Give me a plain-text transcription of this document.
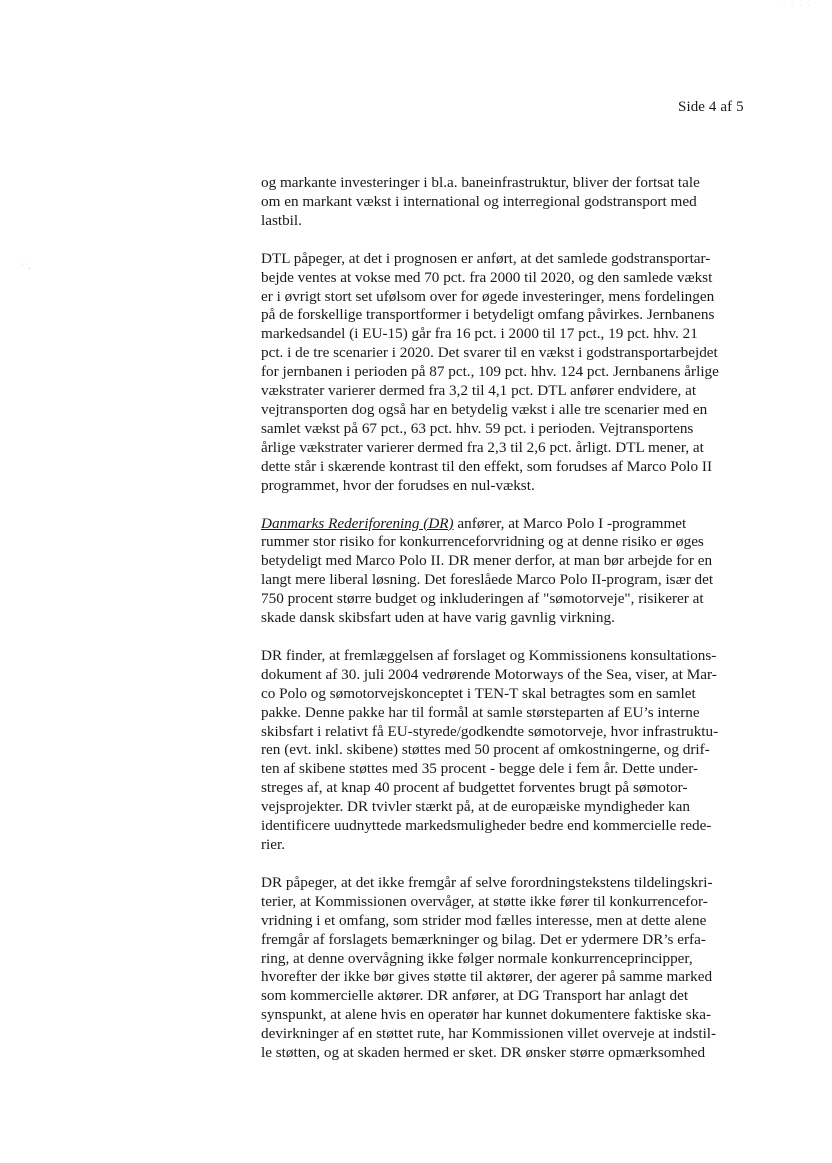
· · · · ·
˙ ˙.
Side 4 af 5

og markante investeringer i bl.a. baneinfrastruktur, bliver der fortsat tale
om en markant vækst i international og interregional godstransport med
lastbil.

DTL påpeger, at det i prognosen er anført, at det samlede godstransportar-
bejde ventes at vokse med 70 pct. fra 2000 til 2020, og den samlede vækst
er i øvrigt stort set ufølsom over for øgede investeringer, mens fordelingen
på de forskellige transportformer i betydeligt omfang påvirkes. Jernbanens
markedsandel (i EU-15) går fra 16 pct. i 2000 til 17 pct., 19 pct. hhv. 21
pct. i de tre scenarier i 2020. Det svarer til en vækst i godstransportarbejdet
for jernbanen i perioden på 87 pct., 109 pct. hhv. 124 pct. Jernbanens årlige
vækstrater varierer dermed fra 3,2 til 4,1 pct. DTL anfører endvidere, at
vejtransporten dog også har en betydelig vækst i alle tre scenarier med en
samlet vækst på 67 pct., 63 pct. hhv. 59 pct. i perioden. Vejtransportens
årlige vækstrater varierer dermed fra 2,3 til 2,6 pct. årligt. DTL mener, at
dette står i skærende kontrast til den effekt, som forudses af Marco Polo II
programmet, hvor der forudses en nul-vækst.

Danmarks Rederiforening (DR) anfører, at Marco Polo I -programmet
rummer stor risiko for konkurrenceforvridning og at denne risiko er øges
betydeligt med Marco Polo II. DR mener derfor, at man bør arbejde for en
langt mere liberal løsning. Det foreslåede Marco Polo II-program, især det
750 procent større budget og inkluderingen af "sømotorveje", risikerer at
skade dansk skibsfart uden at have varig gavnlig virkning.

DR finder, at fremlæggelsen af forslaget og Kommissionens konsultations-
dokument af 30. juli 2004 vedrørende Motorways of the Sea, viser, at Mar-
co Polo og sømotorvejskonceptet i TEN-T skal betragtes som en samlet
pakke. Denne pakke har til formål at samle størsteparten af EU’s interne
skibsfart i relativt få EU-styrede/godkendte sømotorveje, hvor infrastruktu-
ren (evt. inkl. skibene) støttes med 50 procent af omkostningerne, og drif-
ten af skibene støttes med 35 procent - begge dele i fem år. Dette under-
streges af, at knap 40 procent af budgettet forventes brugt på sømotor-
vejsprojekter. DR tvivler stærkt på, at de europæiske myndigheder kan
identificere uudnyttede markedsmuligheder bedre end kommercielle rede-
rier.

DR påpeger, at det ikke fremgår af selve forordningstekstens tildelingskri-
terier, at Kommissionen overvåger, at støtte ikke fører til konkurrencefor-
vridning i et omfang, som strider mod fælles interesse, men at dette alene
fremgår af forslagets bemærkninger og bilag. Det er ydermere DR’s erfa-
ring, at denne overvågning ikke følger normale konkurrenceprincipper,
hvorefter der ikke bør gives støtte til aktører, der agerer på samme marked
som kommercielle aktører. DR anfører, at DG Transport har anlagt det
synspunkt, at alene hvis en operatør har kunnet dokumentere faktiske ska-
devirkninger af en støttet rute, har Kommissionen villet overveje at indstil-
le støtten, og at skaden hermed er sket. DR ønsker større opmærksomhed
